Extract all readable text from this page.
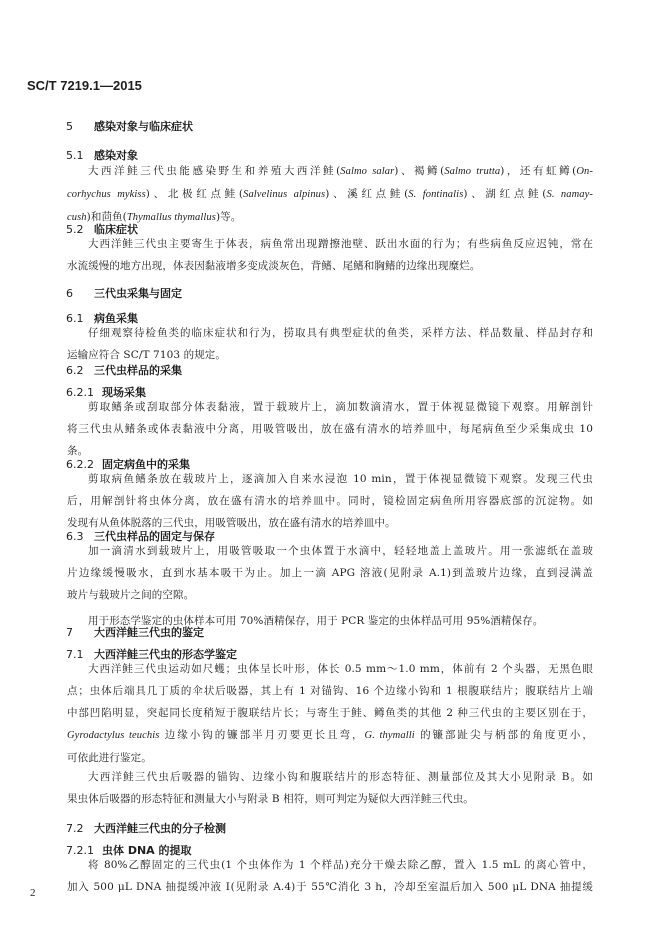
SC/T 7219.1—2015
5 感染对象与临床症状
5.1 感染对象
大西洋鲑三代虫能感染野生和养殖大西洋鲑(Salmo salar)、褐鳟(Salmo trutta)，还有虹鳟(On-
corhychus mykiss)、北极红点鲑(Salvelinus alpinus)、溪红点鲑(S. fontinalis)、湖红点鲑(S. namay-
cush)和茴鱼(Thymallus thymallus)等。
5.2 临床症状
大西洋鲑三代虫主要寄生于体表，病鱼常出现蹭擦池壁、跃出水面的行为；有些病鱼反应迟钝，常在
水流缓慢的地方出现，体表因黏液增多变成淡灰色，背鳍、尾鳍和胸鳍的边缘出现糜烂。
6 三代虫采集与固定
6.1 病鱼采集
仔细观察待检鱼类的临床症状和行为，捞取具有典型症状的鱼类，采样方法、样品数量、样品封存和
运输应符合 SC/T 7103 的规定。
6.2 三代虫样品的采集
6.2.1 现场采集
剪取鳍条或刮取部分体表黏液，置于载玻片上，滴加数滴清水，置于体视显微镜下观察。用解剖针
将三代虫从鳍条或体表黏液中分离，用吸管吸出，放在盛有清水的培养皿中，每尾病鱼至少采集成虫 10
条。
6.2.2 固定病鱼中的采集
剪取病鱼鳍条放在载玻片上，逐滴加入自来水浸泡 10 min，置于体视显微镜下观察。发现三代虫
后，用解剖针将虫体分离，放在盛有清水的培养皿中。同时，镜检固定病鱼所用容器底部的沉淀物。如
发现有从鱼体脱落的三代虫，用吸管吸出，放在盛有清水的培养皿中。
6.3 三代虫样品的固定与保存
加一滴清水到载玻片上，用吸管吸取一个虫体置于水滴中，轻轻地盖上盖玻片。用一张滤纸在盖玻
片边缘缓慢吸水，直到水基本吸干为止。加上一滴 APG 溶液(见附录 A.1)到盖玻片边缘，直到浸满盖
玻片与载玻片之间的空隙。
用于形态学鉴定的虫体样本可用 70%酒精保存，用于 PCR 鉴定的虫体样品可用 95%酒精保存。
7 大西洋鲑三代虫的鉴定
7.1 大西洋鲑三代虫的形态学鉴定
大西洋鲑三代虫运动如尺蠖；虫体呈长叶形，体长 0.5 mm～1.0 mm，体前有 2 个头器，无黑色眼
点；虫体后端具几丁质的伞状后吸器，其上有 1 对锚钩、16 个边缘小钩和 1 根腹联结片；腹联结片上端
中部凹陷明显，突起同长度稍短于腹联结片长；与寄生于鲑、鳟鱼类的其他 2 种三代虫的主要区别在于，
Gyrodactylus teuchis 边缘小钩的镰部半月刃要更长且弯，G. thymalli 的镰部趾尖与柄部的角度更小，
可依此进行鉴定。
大西洋鲑三代虫后吸器的锚钩、边缘小钩和腹联结片的形态特征、测量部位及其大小见附录 B。如
果虫体后吸器的形态特征和测量大小与附录 B 相符，则可判定为疑似大西洋鲑三代虫。
7.2 大西洋鲑三代虫的分子检测
7.2.1 虫体 DNA 的提取
将 80%乙醇固定的三代虫(1 个虫体作为 1 个样品)充分干燥去除乙醇，置入 1.5 mL 的离心管中，
加入 500 μL DNA 抽提缓冲液 Ⅰ(见附录 A.4)于 55℃消化 3 h，冷却至室温后加入 500 μL DNA 抽提缓
2
